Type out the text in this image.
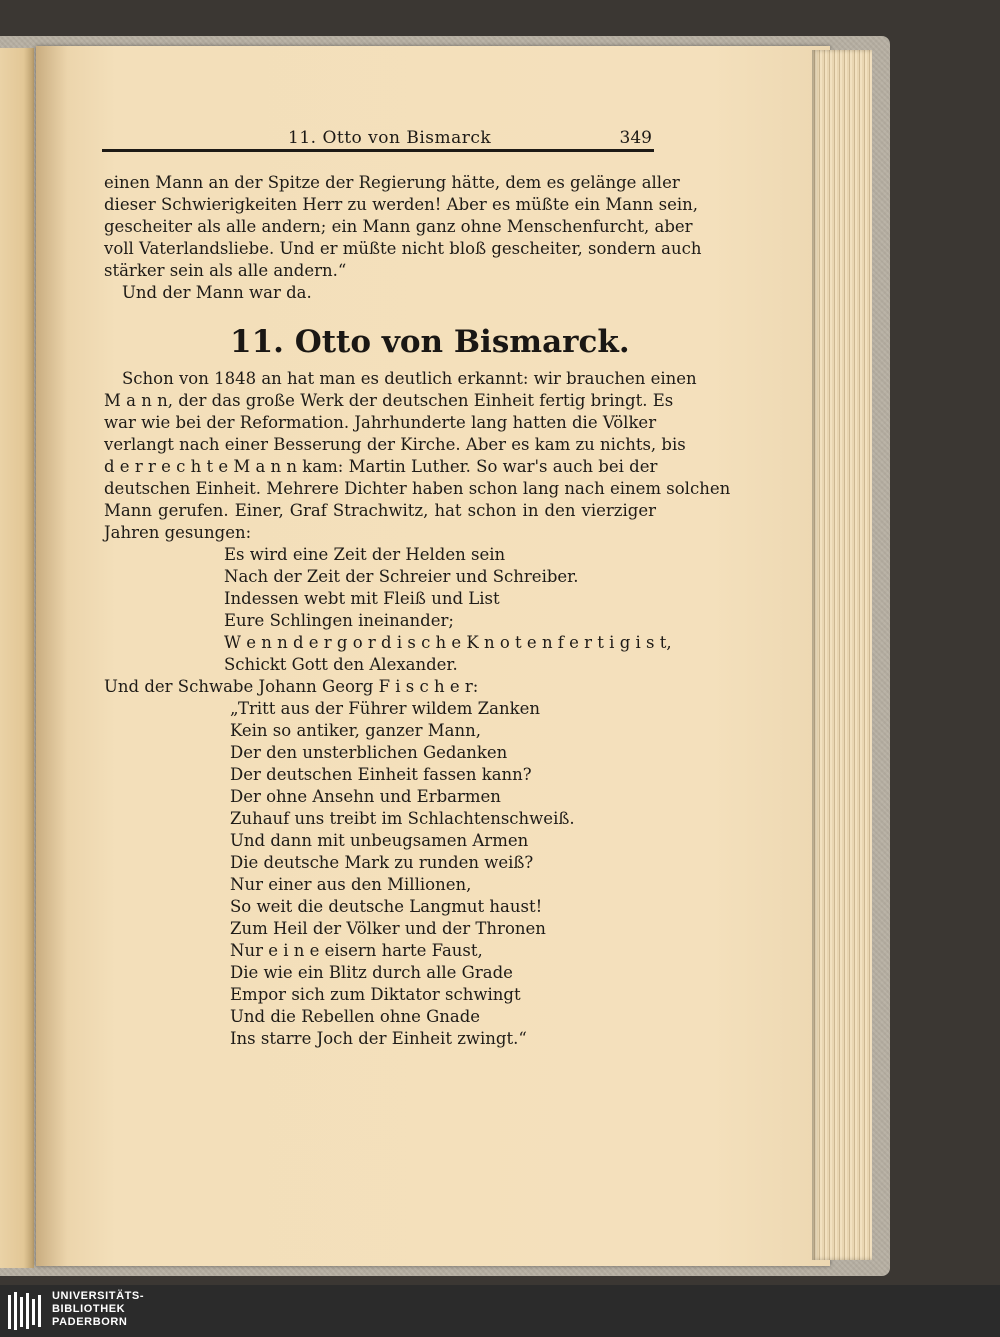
11. Otto von Bismarck	349
einen Mann an der Spitze der Regierung hätte, dem es gelänge aller
dieser Schwierigkeiten Herr zu werden! Aber es müßte ein Mann sein,
gescheiter als alle andern; ein Mann ganz ohne Menschenfurcht, aber
voll Vaterlandsliebe. Und er müßte nicht bloß gescheiter, sondern auch
stärker sein als alle andern.“
Und der Mann war da.
11. Otto von Bismarck.
Schon von 1848 an hat man es deutlich erkannt: wir brauchen einen
M a n n, der das große Werk der deutschen Einheit fertig bringt. Es
war wie bei der Reformation. Jahrhunderte lang hatten die Völker
verlangt nach einer Besserung der Kirche. Aber es kam zu nichts, bis
d e r r e c h t e M a n n kam: Martin Luther. So war's auch bei der
deutschen Einheit. Mehrere Dichter haben schon lang nach einem solchen
Mann gerufen. Einer, Graf Strachwitz, hat schon in den vierziger
Jahren gesungen:
Es wird eine Zeit der Helden sein
Nach der Zeit der Schreier und Schreiber.
Indessen webt mit Fleiß und List
Eure Schlingen ineinander;
W e n n d e r g o r d i s c h e K n o t e n f e r t i g i s t,
Schickt Gott den Alexander.
Und der Schwabe Johann Georg F i s c h e r:
„Tritt aus der Führer wildem Zanken
Kein so antiker, ganzer Mann,
Der den unsterblichen Gedanken
Der deutschen Einheit fassen kann?
Der ohne Ansehn und Erbarmen
Zuhauf uns treibt im Schlachtenschweiß.
Und dann mit unbeugsamen Armen
Die deutsche Mark zu runden weiß?
Nur einer aus den Millionen,
So weit die deutsche Langmut haust!
Zum Heil der Völker und der Thronen
Nur e i n e eisern harte Faust,
Die wie ein Blitz durch alle Grade
Empor sich zum Diktator schwingt
Und die Rebellen ohne Gnade
Ins starre Joch der Einheit zwingt.“
UNIVERSITÄTS-
BIBLIOTHEK
PADERBORN
